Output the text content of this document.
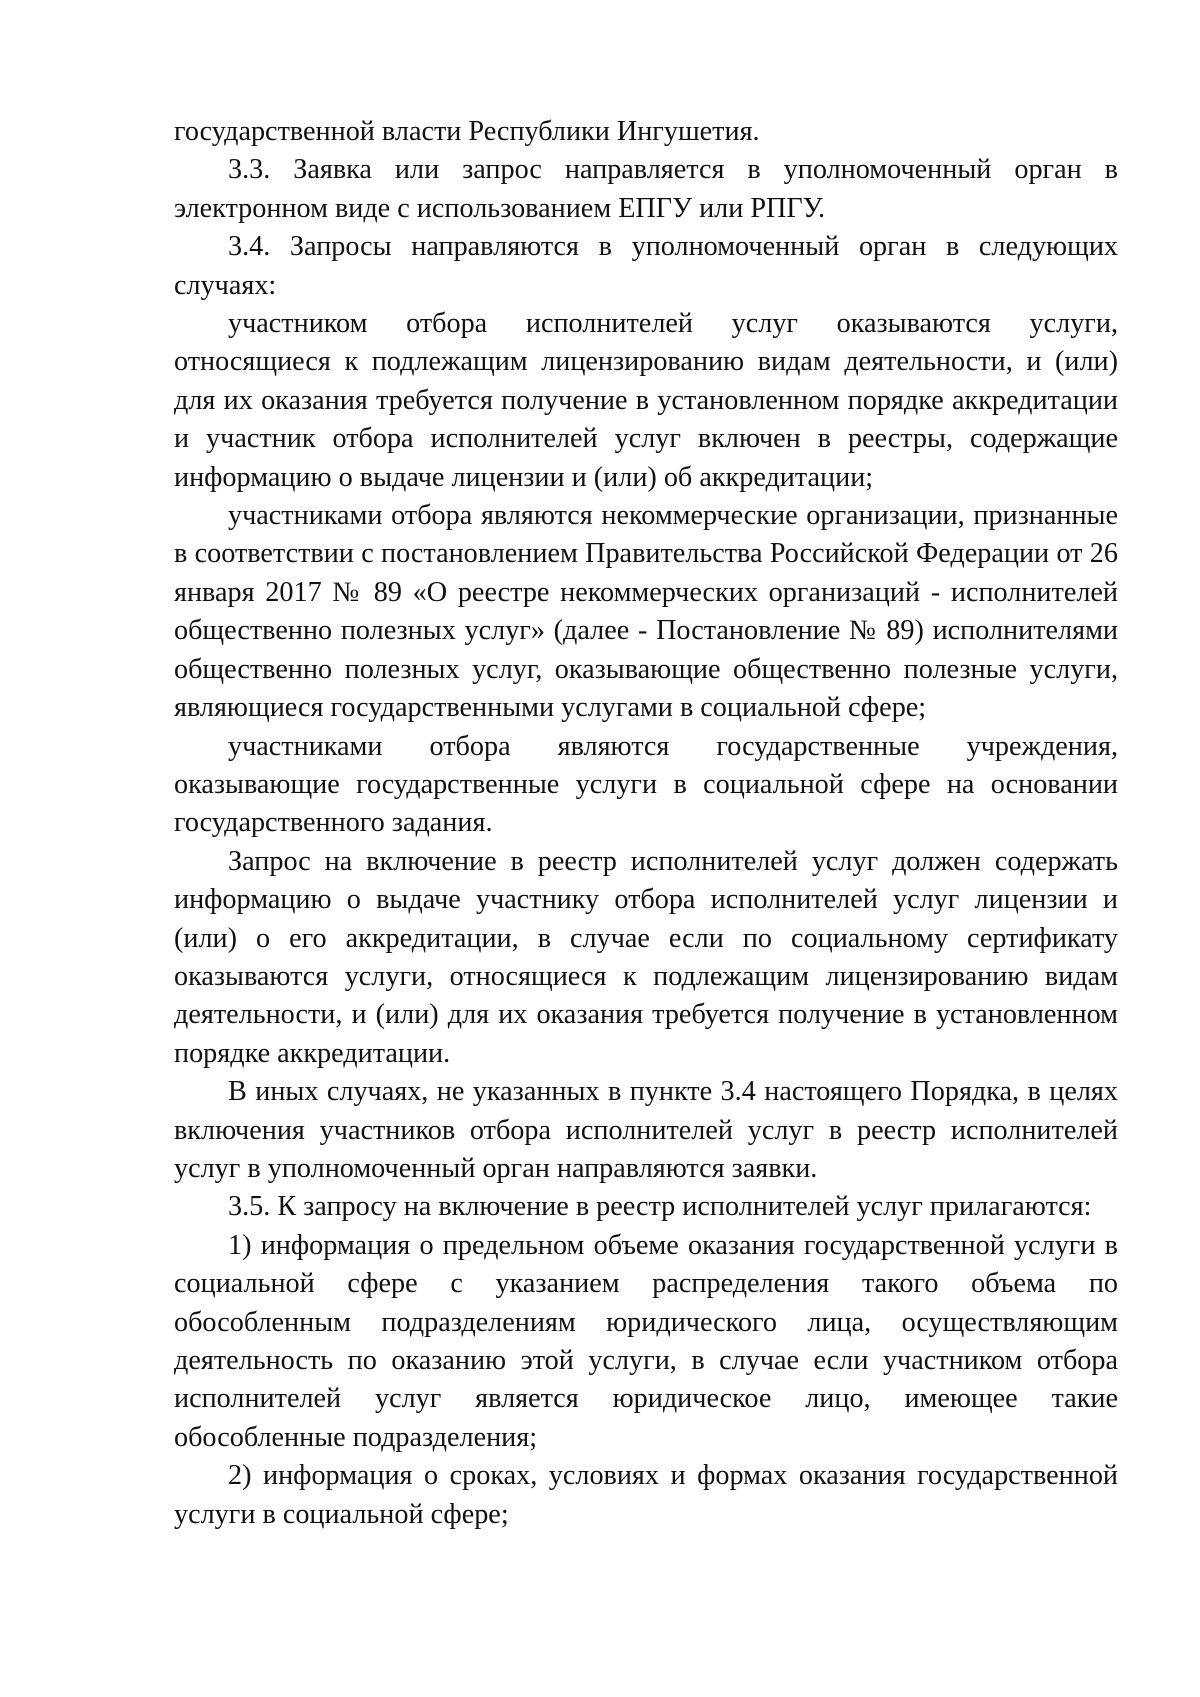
государственной власти Республики Ингушетия.

3.3. Заявка или запрос направляется в уполномоченный орган в электронном виде с использованием ЕПГУ или РПГУ.

3.4. Запросы направляются в уполномоченный орган в следующих случаях:

участником отбора исполнителей услуг оказываются услуги, относящиеся к подлежащим лицензированию видам деятельности, и (или) для их оказания требуется получение в установленном порядке аккредитации и участник отбора исполнителей услуг включен в реестры, содержащие информацию о выдаче лицензии и (или) об аккредитации;

участниками отбора являются некоммерческие организации, признанные в соответствии с постановлением Правительства Российской Федерации от 26 января 2017 № 89 «О реестре некоммерческих организаций - исполнителей общественно полезных услуг» (далее - Постановление № 89) исполнителями общественно полезных услуг, оказывающие общественно полезные услуги, являющиеся государственными услугами в социальной сфере;

участниками отбора являются государственные учреждения, оказывающие государственные услуги в социальной сфере на основании государственного задания.

Запрос на включение в реестр исполнителей услуг должен содержать информацию о выдаче участнику отбора исполнителей услуг лицензии и (или) о его аккредитации, в случае если по социальному сертификату оказываются услуги, относящиеся к подлежащим лицензированию видам деятельности, и (или) для их оказания требуется получение в установленном порядке аккредитации.

В иных случаях, не указанных в пункте 3.4 настоящего Порядка, в целях включения участников отбора исполнителей услуг в реестр исполнителей услуг в уполномоченный орган направляются заявки.

3.5. К запросу на включение в реестр исполнителей услуг прилагаются:

1) информация о предельном объеме оказания государственной услуги в социальной сфере с указанием распределения такого объема по обособленным подразделениям юридического лица, осуществляющим деятельность по оказанию этой услуги, в случае если участником отбора исполнителей услуг является юридическое лицо, имеющее такие обособленные подразделения;

2) информация о сроках, условиях и формах оказания государственной услуги в социальной сфере;
